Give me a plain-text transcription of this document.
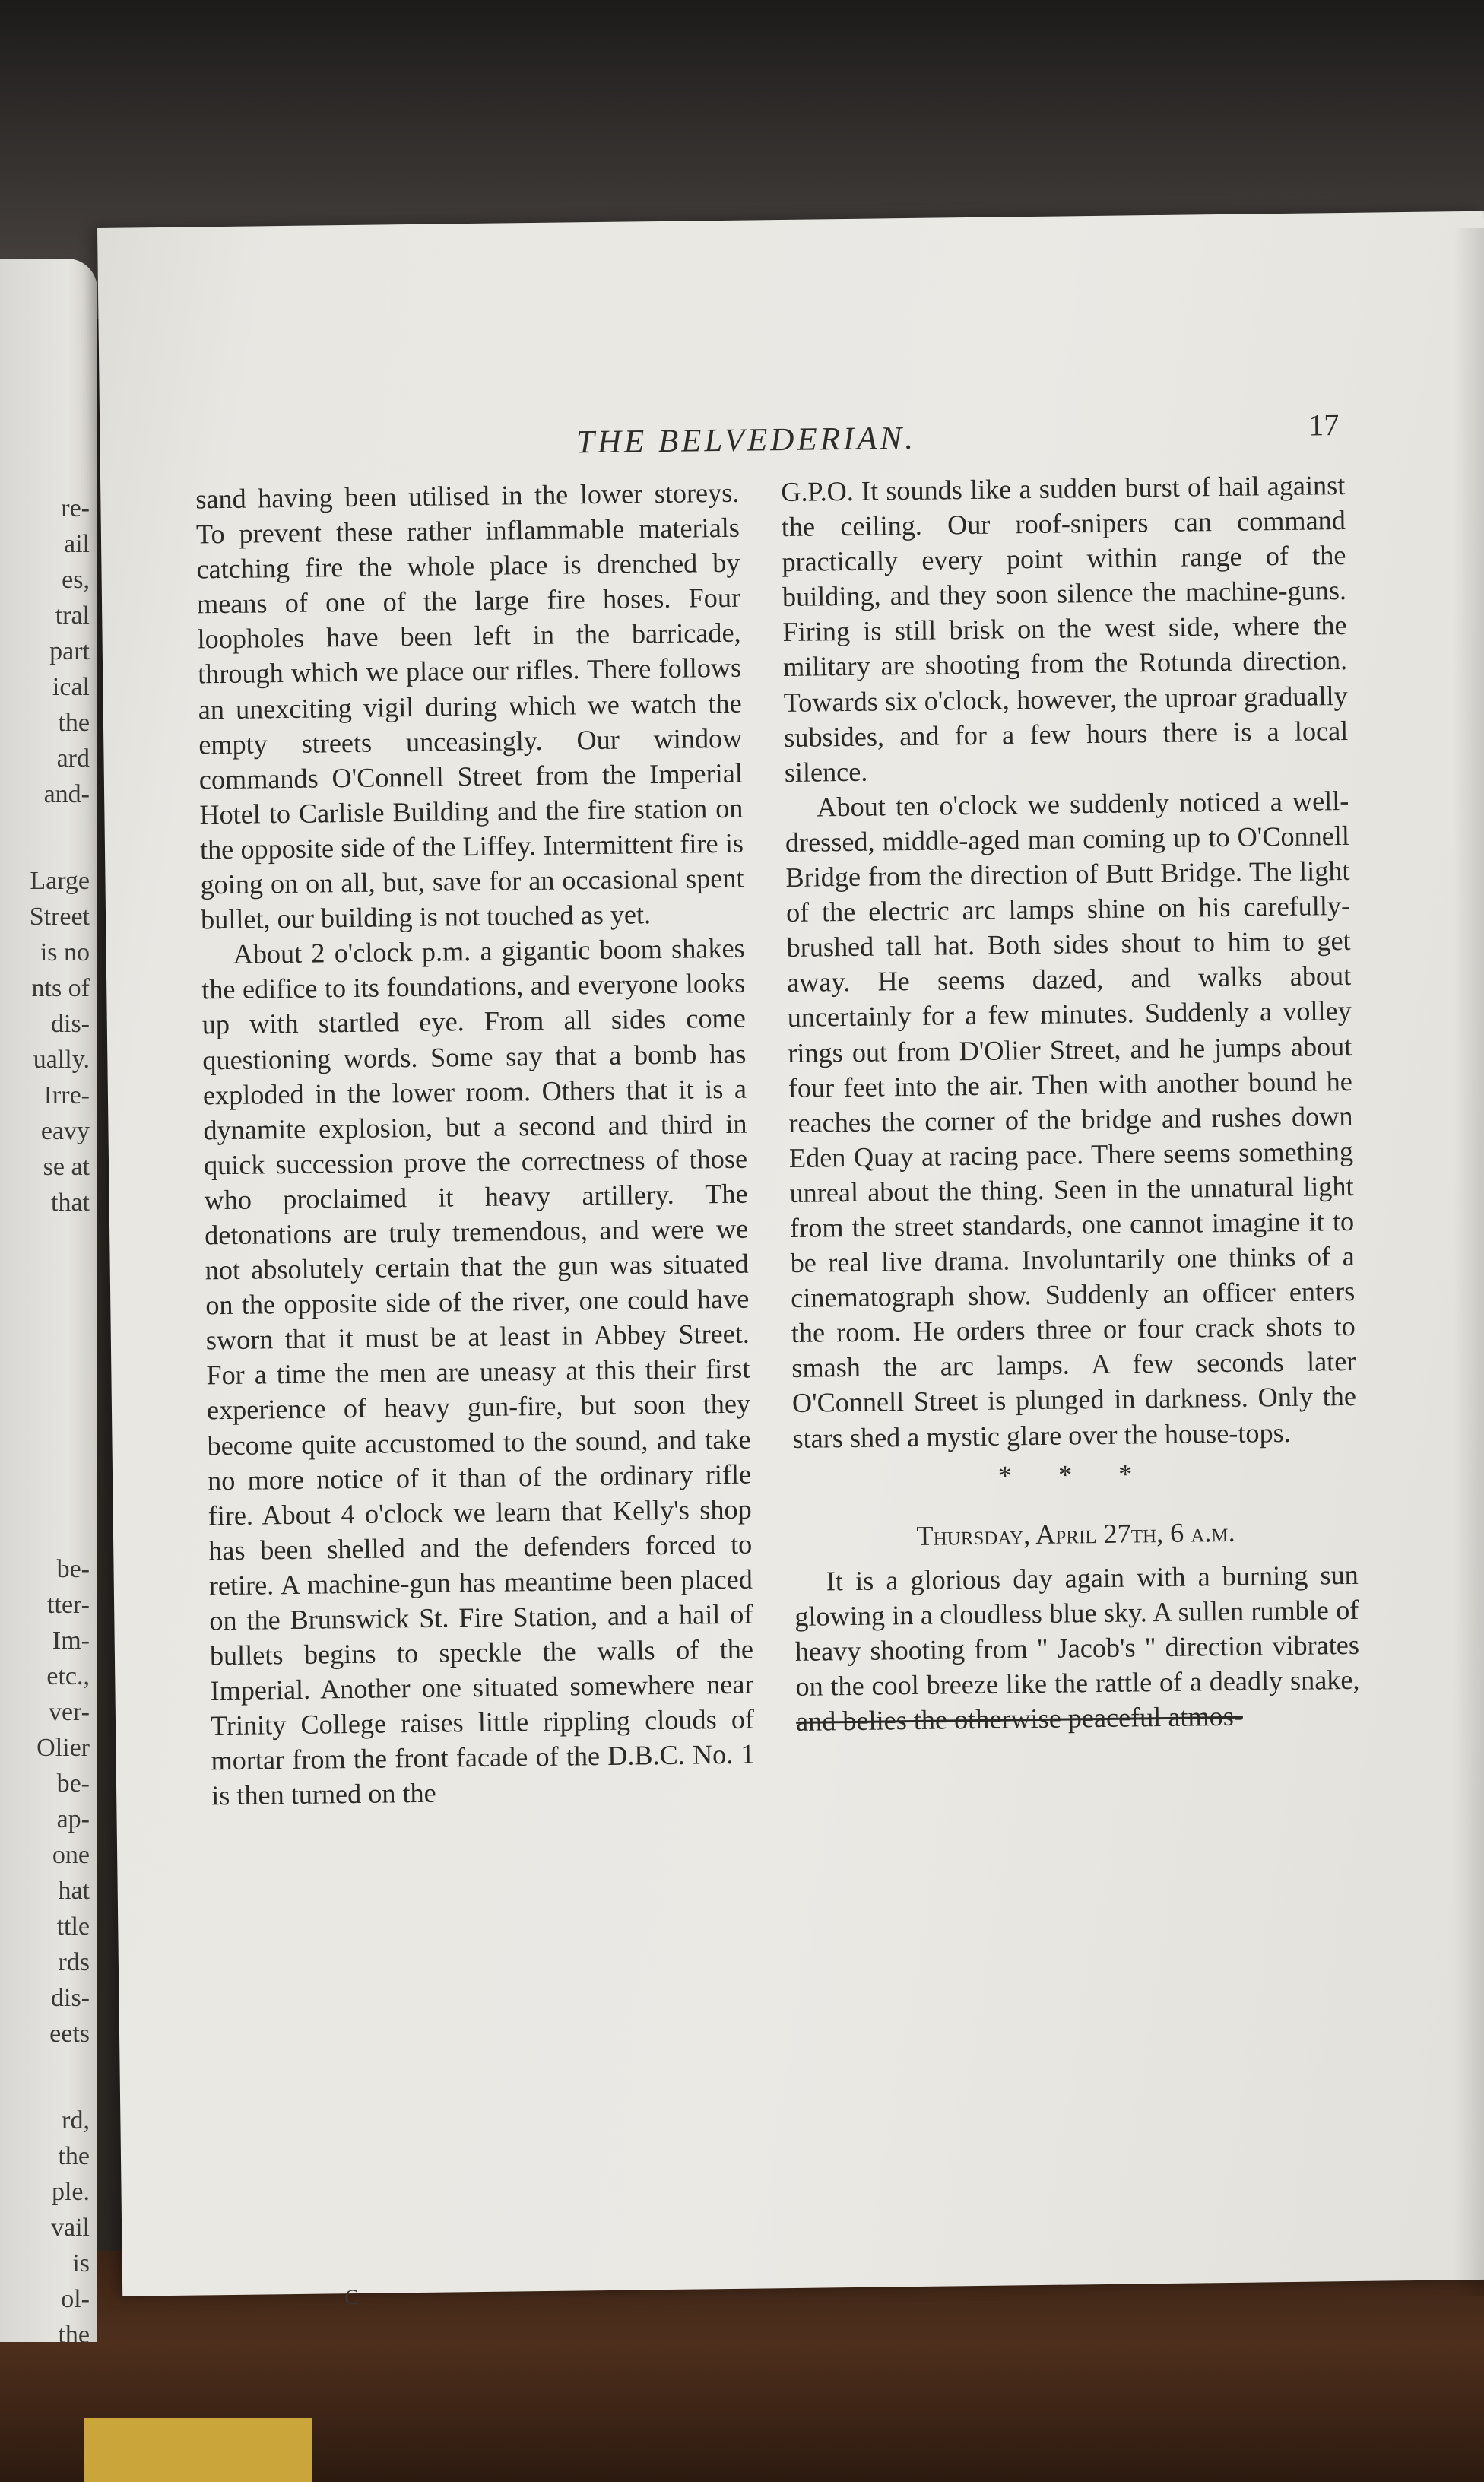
re-

ail

es,

tral

part

ical

the

ard

and-

Large

Street

is no

nts of

dis-

ually.

Irre-

eavy

se at

that

be-

tter-

Im-

etc.,

ver-

Olier

be-

ap-

one

hat

ttle

rds

dis-

eets

rd,

the

ple.

vail

is

ol-

the

THE BELVEDERIAN.	17

sand having been utilised in the lower storeys. To prevent these rather inflammable materials catching fire the whole place is drenched by means of one of the large fire hoses. Four loopholes have been left in the barricade, through which we place our rifles. There follows an unexciting vigil during which we watch the empty streets unceasingly. Our window commands O'Connell Street from the Imperial Hotel to Carlisle Building and the fire station on the opposite side of the Liffey. Intermittent fire is going on on all, but, save for an occasional spent bullet, our building is not touched as yet.

About 2 o'clock p.m. a gigantic boom shakes the edifice to its foundations, and everyone looks up with startled eye. From all sides come questioning words. Some say that a bomb has exploded in the lower room. Others that it is a dynamite explosion, but a second and third in quick succession prove the correctness of those who proclaimed it heavy artillery. The detonations are truly tremendous, and were we not absolutely certain that the gun was situated on the opposite side of the river, one could have sworn that it must be at least in Abbey Street. For a time the men are uneasy at this their first experience of heavy gun-fire, but soon they become quite accustomed to the sound, and take no more notice of it than of the ordinary rifle fire. About 4 o'clock we learn that Kelly's shop has been shelled and the defenders forced to retire. A machine-gun has meantime been placed on the Brunswick St. Fire Station, and a hail of bullets begins to speckle the walls of the Imperial. Another one situated somewhere near Trinity College raises little rippling clouds of mortar from the front facade of the D.B.C. No. 1 is then turned on the

C

G.P.O. It sounds like a sudden burst of hail against the ceiling. Our roof-snipers can command practically every point within range of the building, and they soon silence the machine-guns. Firing is still brisk on the west side, where the military are shooting from the Rotunda direction. Towards six o'clock, however, the uproar gradually subsides, and for a few hours there is a local silence.

About ten o'clock we suddenly noticed a well-dressed, middle-aged man coming up to O'Connell Bridge from the direction of Butt Bridge. The light of the electric arc lamps shine on his carefully-brushed tall hat. Both sides shout to him to get away. He seems dazed, and walks about uncertainly for a few minutes. Suddenly a volley rings out from D'Olier Street, and he jumps about four feet into the air. Then with another bound he reaches the corner of the bridge and rushes down Eden Quay at racing pace. There seems something unreal about the thing. Seen in the unnatural light from the street standards, one cannot imagine it to be real live drama. Involuntarily one thinks of a cinematograph show. Suddenly an officer enters the room. He orders three or four crack shots to smash the arc lamps. A few seconds later O'Connell Street is plunged in darkness. Only the stars shed a mystic glare over the house-tops.

* * *
Thursday, April 27th, 6 a.m.

It is a glorious day again with a burning sun glowing in a cloudless blue sky. A sullen rumble of heavy shooting from " Jacob's " direction vibrates on the cool breeze like the rattle of a deadly snake, and belies the otherwise peaceful atmos-
